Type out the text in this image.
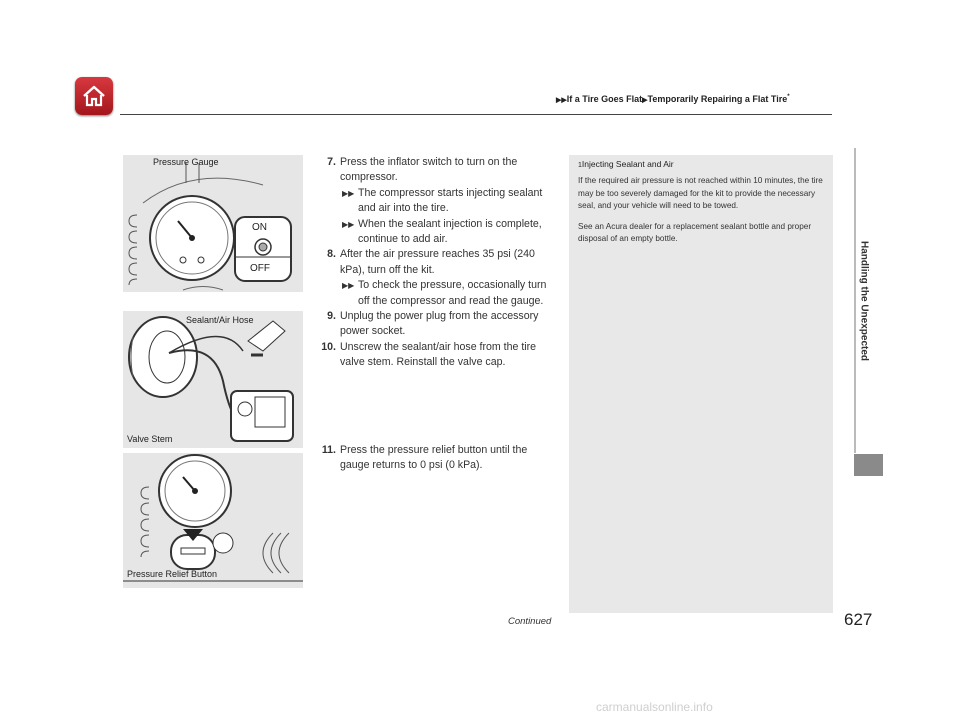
▶▶If a Tire Goes Flat▶Temporarily Repairing a Flat Tire*
Handling the Unexpected
Pressure Gauge
ON
OFF
Sealant/Air Hose
Valve Stem
Pressure Relief Button
7. Press the inflator switch to turn on the compressor.
▶▶ The compressor starts injecting sealant and air into the tire.
▶▶ When the sealant injection is complete, continue to add air.
8. After the air pressure reaches 35 psi (240 kPa), turn off the kit.
▶▶ To check the pressure, occasionally turn off the compressor and read the gauge.
9. Unplug the power plug from the accessory power socket.
10. Unscrew the sealant/air hose from the tire valve stem. Reinstall the valve cap.
11. Press the pressure relief button until the gauge returns to 0 psi (0 kPa).
1Injecting Sealant and Air

If the required air pressure is not reached within 10 minutes, the tire may be too severely damaged for the kit to provide the necessary seal, and your vehicle will need to be towed.

See an Acura dealer for a replacement sealant bottle and proper disposal of an empty bottle.

Continued	627
carmanualsonline.info
